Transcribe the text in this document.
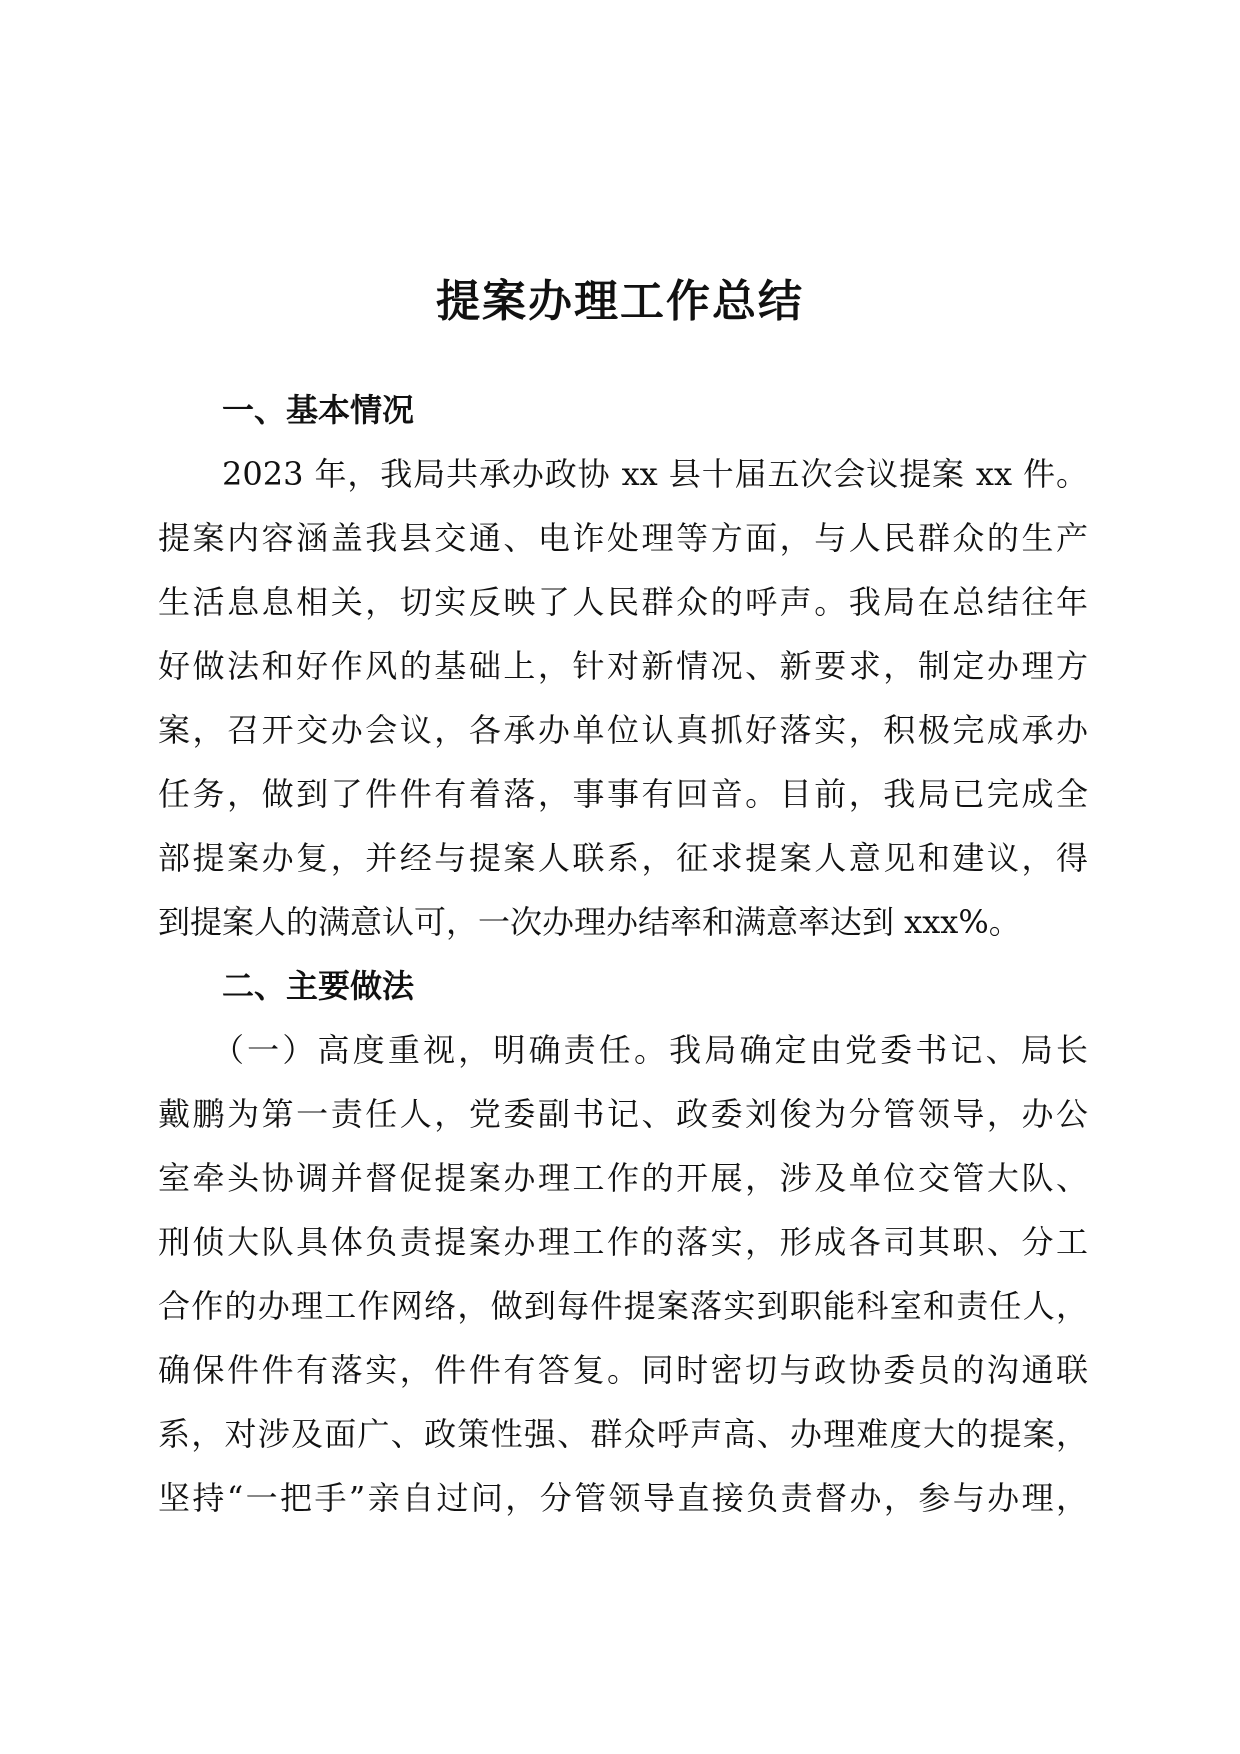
提案办理工作总结
一、基本情况

2023 年，我局共承办政协 xx 县十届五次会议提案 xx 件。
提案内容涵盖我县交通、电诈处理等方面，与人民群众的生产
生活息息相关，切实反映了人民群众的呼声。我局在总结往年
好做法和好作风的基础上，针对新情况、新要求，制定办理方
案，召开交办会议，各承办单位认真抓好落实，积极完成承办
任务，做到了件件有着落，事事有回音。目前，我局已完成全
部提案办复，并经与提案人联系，征求提案人意见和建议，得
到提案人的满意认可，一次办理办结率和满意率达到 xxx%。

二、主要做法

（一）高度重视，明确责任。我局确定由党委书记、局长
戴鹏为第一责任人，党委副书记、政委刘俊为分管领导，办公
室牵头协调并督促提案办理工作的开展，涉及单位交管大队、
刑侦大队具体负责提案办理工作的落实，形成各司其职、分工
合作的办理工作网络，做到每件提案落实到职能科室和责任人，
确保件件有落实，件件有答复。同时密切与政协委员的沟通联
系，对涉及面广、政策性强、群众呼声高、办理难度大的提案，
坚持“一把手”亲自过问，分管领导直接负责督办，参与办理，
